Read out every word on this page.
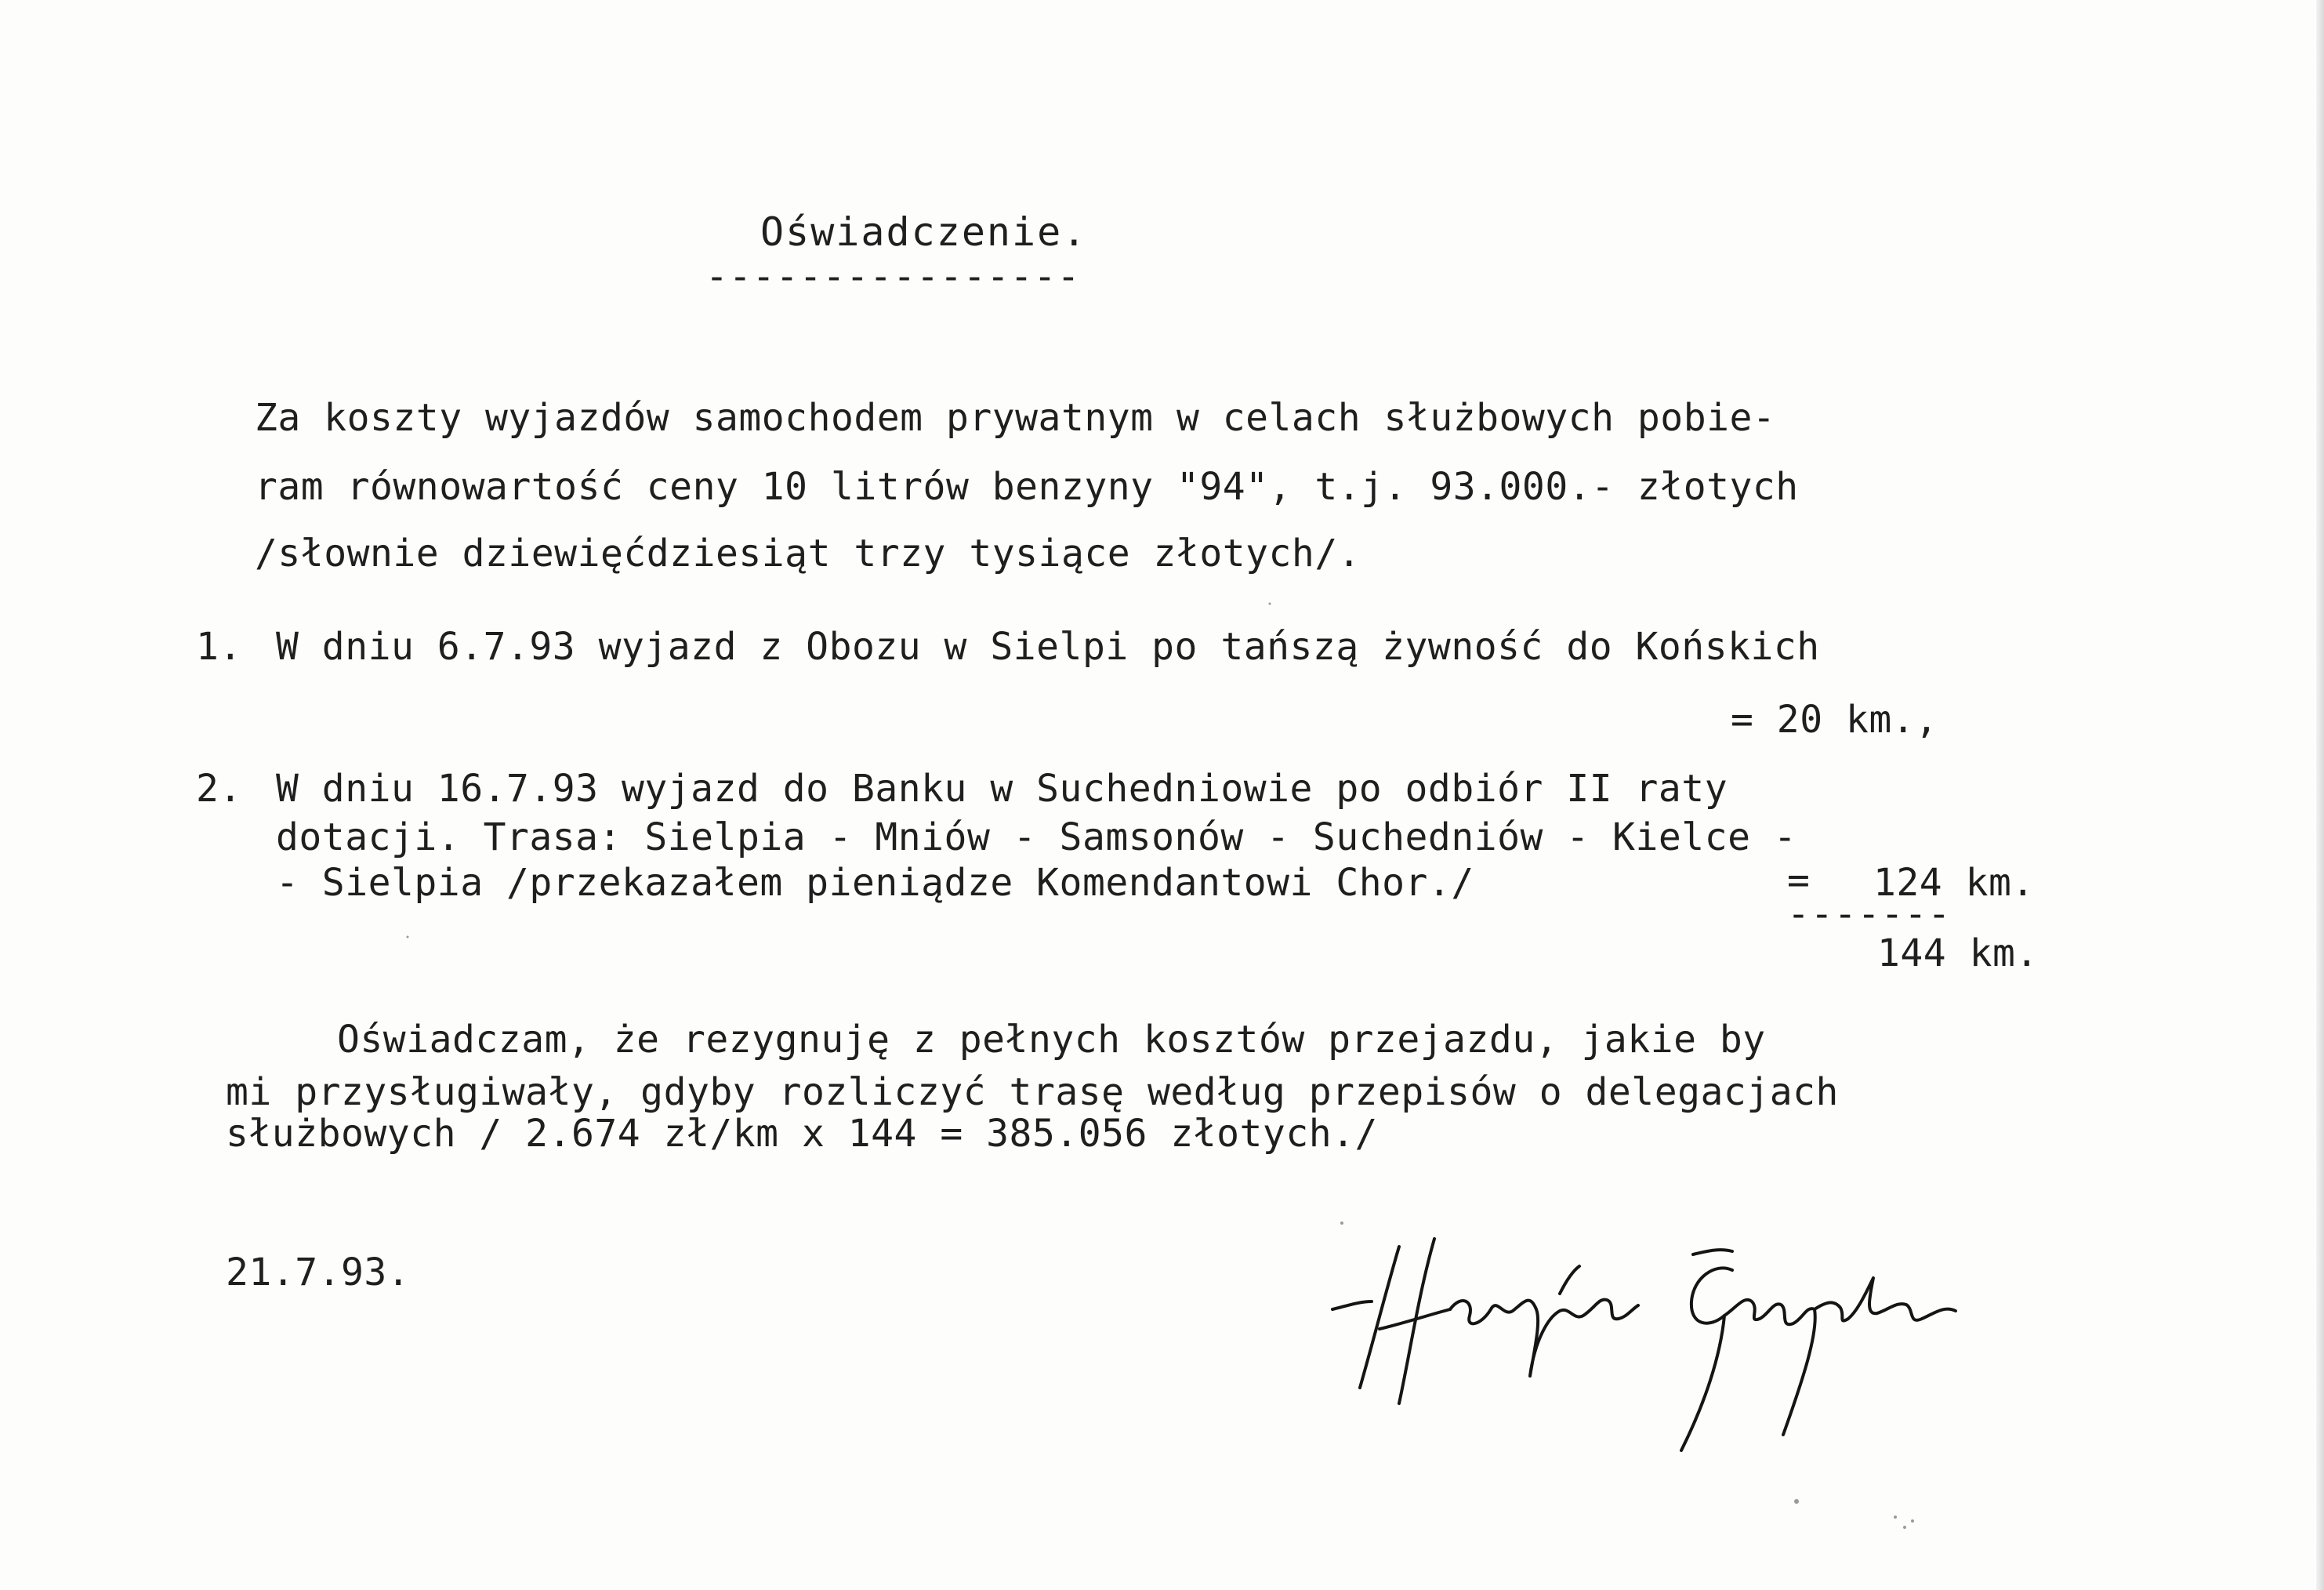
Oświadczenie.
----------------
Za koszty wyjazdów samochodem prywatnym w celach służbowych pobie-
ram równowartość ceny 10 litrów benzyny "94", t.j. 93.000.- złotych
/słownie dziewięćdziesiąt trzy tysiące złotych/.
1. W dniu 6.7.93 wyjazd z Obozu w Sielpi po tańszą żywność do Końskich
= 20 km.,
2. W dniu 16.7.93 wyjazd do Banku w Suchedniowie po odbiór II raty
dotacji. Trasa: Sielpia - Mniów - Samsonów - Suchedniów - Kielce -
- Sielpia /przekazałem pieniądze Komendantowi Chor./	= 124 km.
-------
144 km.
Oświadczam, że rezygnuję z pełnych kosztów przejazdu, jakie by
mi przysługiwały, gdyby rozliczyć trasę według przepisów o delegacjach
służbowych / 2.674 zł/km x 144 = 385.056 złotych./
21.7.93.
